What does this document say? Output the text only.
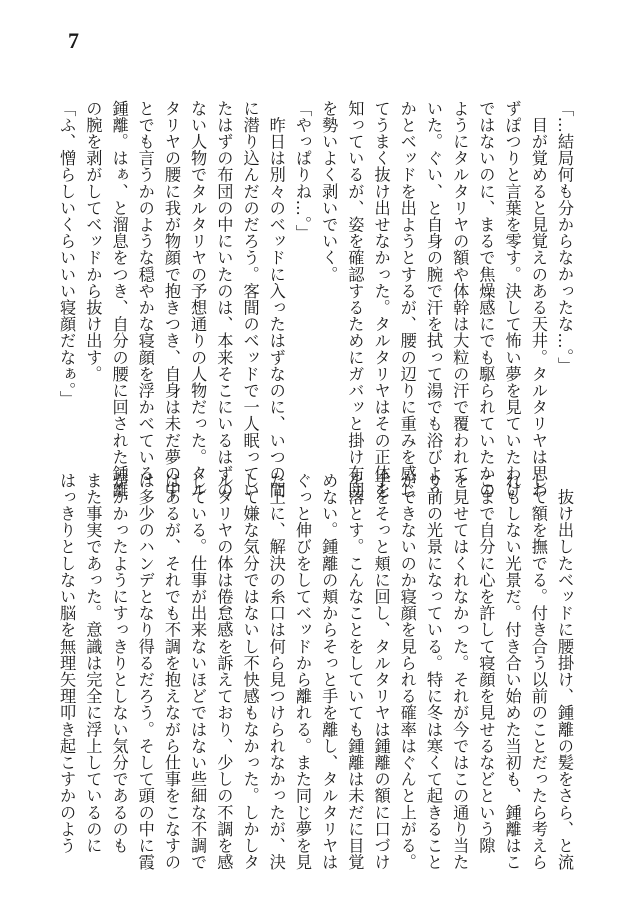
7

「…結局何も分からなかったな…。」

　目が覚めると見覚えのある天井。タルタリヤは思わ

ずぽつりと言葉を零す。決して怖い夢を見ていたわけ

ではないのに、まるで焦燥感にでも駆られていたかの

ようにタルタリヤの額や体幹は大粒の汗で覆われて

いた。ぐい、と自身の腕で汗を拭って湯でも浴びよう

かとベッドを出ようとするが、腰の辺りに重みを感じ

てうまく抜け出せなかった。タルタリヤはその正体を

知っているが、姿を確認するためにガバッと掛け布団

を勢いよく剥いでいく。

「やっぱりね…。」

　昨日は別々のベッドに入ったはずなのに、いつの間

に潜り込んだのだろう。客間のベッドで一人眠ってい

たはずの布団の中にいたのは、本来そこにいるはずの

ない人物でタルタリヤの予想通りの人物だった。タル

タリヤの腰に我が物顔で抱きつき、自身は未だ夢の中

とでも言うかのような穏やかな寝顔を浮かべている

鍾離。はぁ、と溜息をつき、自分の腰に回された鍾離

の腕を剥がしてベッドから抜け出す。

「ふ、憎らしいくらいいい寝顔だなぁ。」

　抜け出したベッドに腰掛け、鍾離の髪をさら、と流

して額を撫でる。付き合う以前のことだったら考えら

れもしない光景だ。付き合い始めた当初も、鍾離はこ

こまで自分に心を許して寝顔を見せるなどという隙

を見せてはくれなかった。それが今ではこの通り当た

り前の光景になっている。特に冬は寒くて起きること

ができないのか寝顔を見られる確率はぐんと上がる。

手をそっと頬に回し、タルタリヤは鍾離の額に口づけ

を落とす。こんなことをしていても鍾離は未だに目覚

めない。鍾離の頬からそっと手を離し、タルタリヤは

ぐっと伸びをしてベッドから離れる。また同じ夢を見

た上に、解決の糸口は何ら見つけられなかったが、決

して嫌な気分ではないし不快感もなかった。しかしタ

ルタリヤの体は倦怠感を訴えており、少しの不調を感

じている。仕事が出来ないほどではない些細な不調で

はあるが、それでも不調を抱えながら仕事をこなすの

は多少のハンデとなり得るだろう。そして頭の中に霞

がかかったようにすっきりとしない気分であるのも

また事実であった。意識は完全に浮上しているのに

はっきりとしない脳を無理矢理叩き起こすかのよう
